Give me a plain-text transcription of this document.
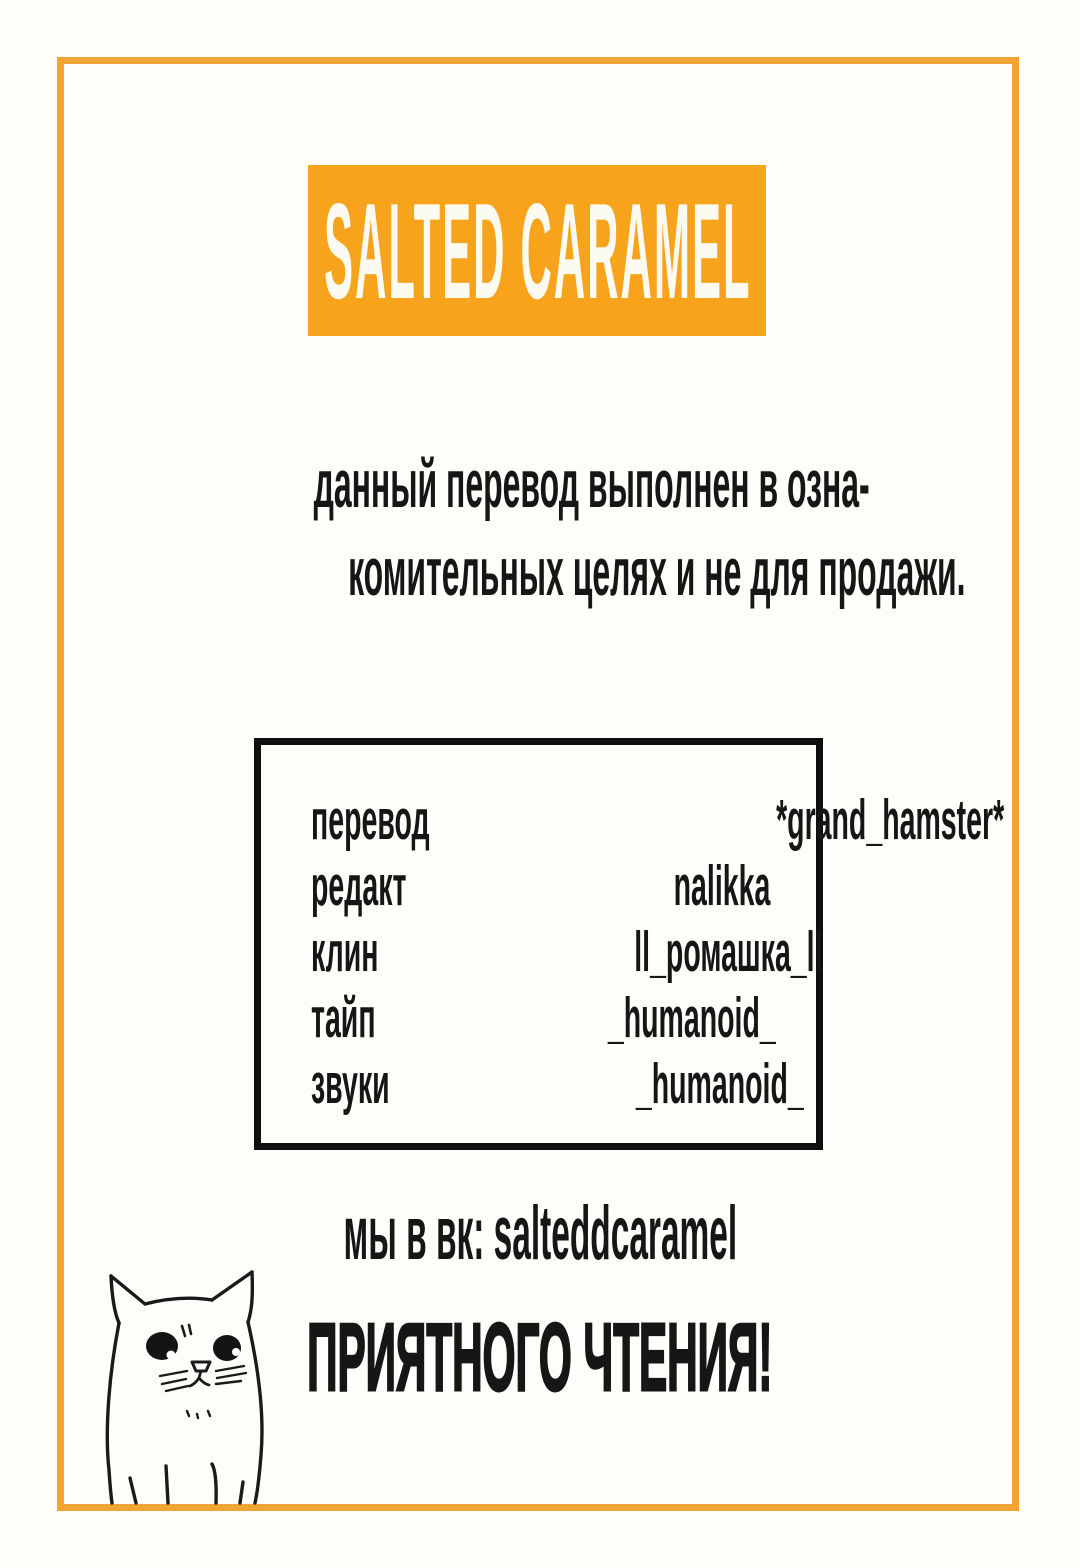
SALTED CARAMEL
данный перевод выполнен в озна-
комительных целях и не для продажи.
перевод	*grand_hamster*
редакт	nalikka
клин	ll_ромашка_ll
тайп	_humanoid_
звуки	_humanoid_
мы в вк: salteddcaramel
ПРИЯТНОГО ЧТЕНИЯ!
